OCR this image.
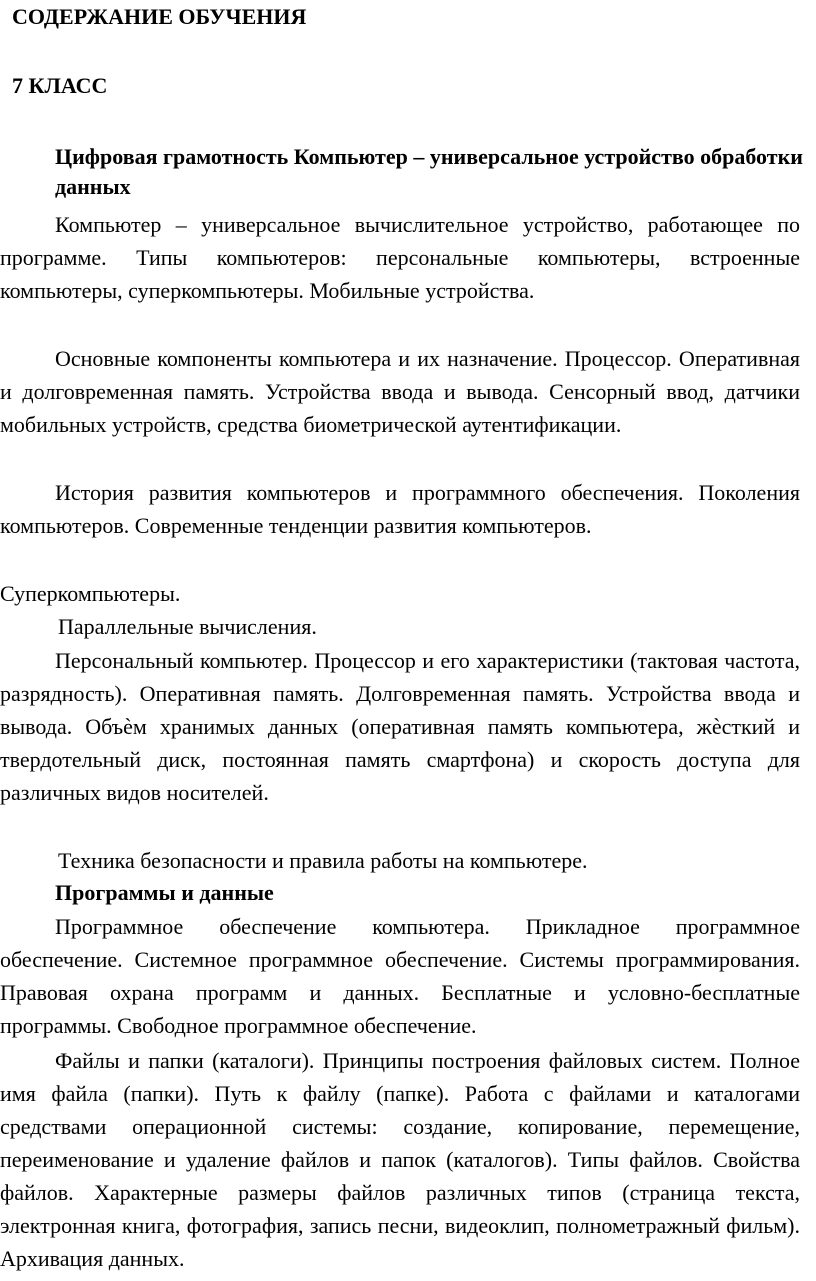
СОДЕРЖАНИЕ ОБУЧЕНИЯ
7 КЛАСС
Цифровая грамотность Компьютер – универсальное устройство обработки данных

Компьютер – универсальное вычислительное устройство, работающее по программе. Типы компьютеров: персональные компьютеры, встроенные компьютеры, суперкомпьютеры. Мобильные устройства.

Основные компоненты компьютера и их назначение. Процессор. Оперативная и долговременная память. Устройства ввода и вывода. Сенсорный ввод, датчики мобильных устройств, средства биометрической аутентификации.

История развития компьютеров и программного обеспечения. Поколения компьютеров. Современные тенденции развития компьютеров.

Суперкомпьютеры.

Параллельные вычисления.

Персональный компьютер. Процессор и его характеристики (тактовая частота, разрядность). Оперативная память. Долговременная память. Устройства ввода и вывода. Объѐм хранимых данных (оперативная память компьютера, жѐсткий и твердотельный диск, постоянная память смартфона) и скорость доступа для различных видов носителей.

Техника безопасности и правила работы на компьютере.

Программы и данные

Программное обеспечение компьютера. Прикладное программное обеспечение. Системное программное обеспечение. Системы программирования. Правовая охрана программ и данных. Бесплатные и условно-бесплатные программы. Свободное программное обеспечение.

Файлы и папки (каталоги). Принципы построения файловых систем. Полное имя файла (папки). Путь к файлу (папке). Работа с файлами и каталогами средствами операционной системы: создание, копирование, перемещение, переименование и удаление файлов и папок (каталогов). Типы файлов. Свойства файлов. Характерные размеры файлов различных типов (страница текста, электронная книга, фотография, запись песни, видеоклип, полнометражный фильм). Архивация данных.
